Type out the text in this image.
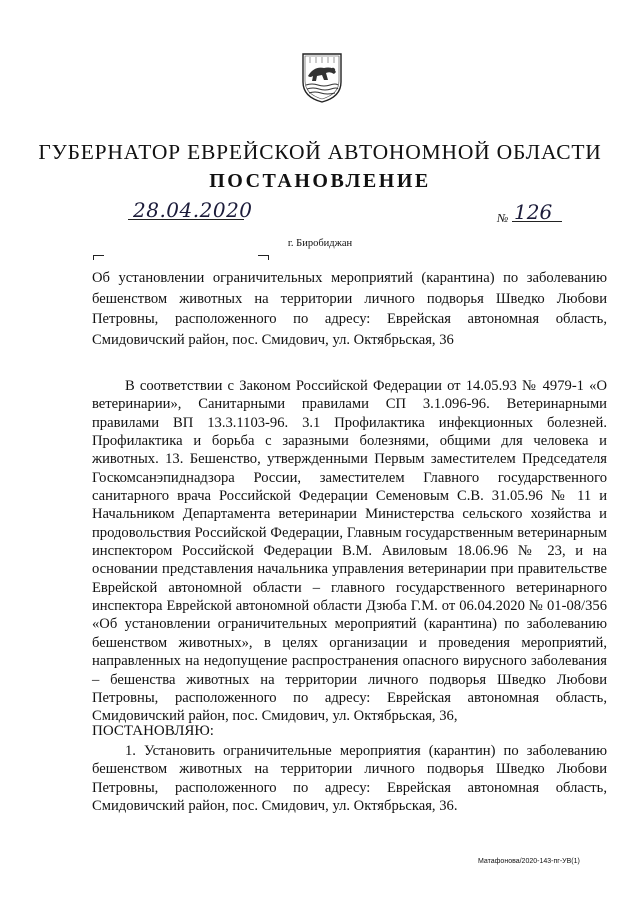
ГУБЕРНАТОР ЕВРЕЙСКОЙ АВТОНОМНОЙ ОБЛАСТИ
ПОСТАНОВЛЕНИЕ
28.04.2020	№ 126
г. Биробиджан
Об установлении ограничительных мероприятий (карантина) по заболеванию бешенством животных на территории личного подворья Шведко Любови Петровны, расположенного по адресу: Еврейская автономная область, Смидовичский район, пос. Смидович, ул. Октябрьская, 36
В соответствии с Законом Российской Федерации от 14.05.93 № 4979-1 «О ветеринарии», Санитарными правилами СП 3.1.096-96. Ветеринарными правилами ВП 13.3.1103-96. 3.1 Профилактика инфекционных болезней. Профилактика и борьба с заразными болезнями, общими для человека и животных. 13. Бешенство, утвержденными Первым заместителем Председателя Госкомсанэпиднадзора России, заместителем Главного государственного санитарного врача Российской Федерации Семеновым С.В. 31.05.96 № 11 и Начальником Департамента ветеринарии Министерства сельского хозяйства и продовольствия Российской Федерации, Главным государственным ветеринарным инспектором Российской Федерации В.М. Авиловым 18.06.96 № 23, и на основании представления начальника управления ветеринарии при правительстве Еврейской автономной области – главного государственного ветеринарного инспектора Еврейской автономной области Дзюба Г.М. от 06.04.2020 № 01-08/356 «Об установлении ограничительных мероприятий (карантина) по заболеванию бешенством животных», в целях организации и проведения мероприятий, направленных на недопущение распространения опасного вирусного заболевания – бешенства животных на территории личного подворья Шведко Любови Петровны, расположенного по адресу: Еврейская автономная область, Смидовичский район, пос. Смидович, ул. Октябрьская, 36,
ПОСТАНОВЛЯЮ:
1. Установить ограничительные мероприятия (карантин) по заболеванию бешенством животных на территории личного подворья Шведко Любови Петровны, расположенного по адресу: Еврейская автономная область, Смидовичский район, пос. Смидович, ул. Октябрьская, 36.
Матафонова/2020-143-пг-УВ(1)
